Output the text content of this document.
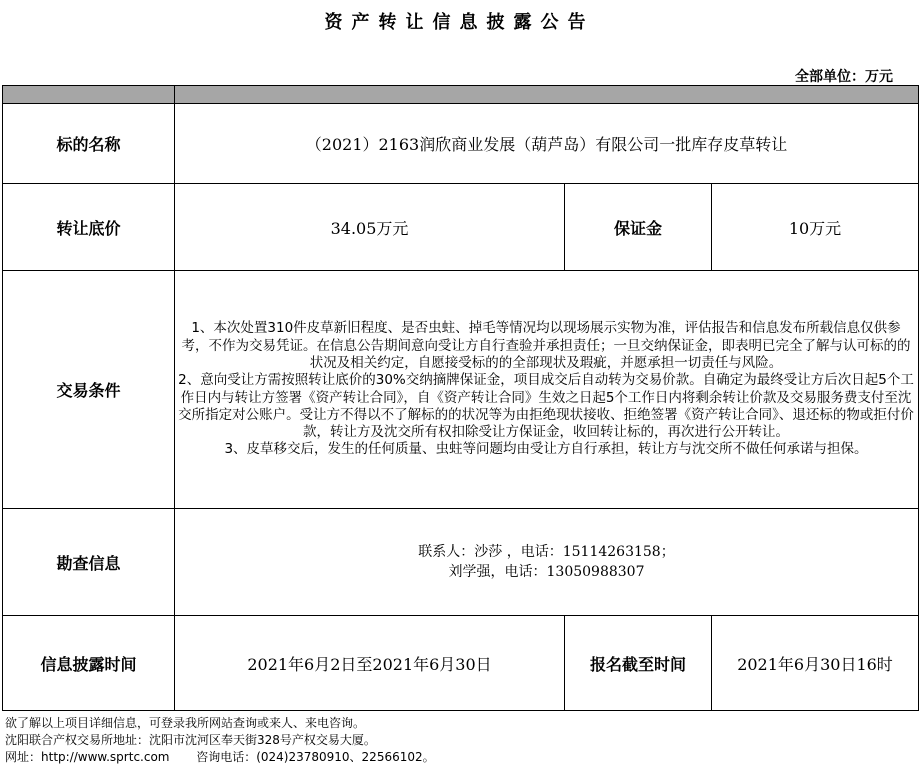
资产转让信息披露公告
全部单位：万元

标的名称	（2021）2163润欣商业发展（葫芦岛）有限公司一批库存皮草转让		
转让底价	34.05万元	保证金	10万元
交易条件	1、本次处置310件皮草新旧程度、是否虫蛀、掉毛等情况均以现场展示实物为准，评估报告和信息发布所载信息仅供参考，不作为交易凭证。在信息公告期间意向受让方自行查验并承担责任；一旦交纳保证金，即表明已完全了解与认可标的的状况及相关约定，自愿接受标的的全部现状及瑕疵，并愿承担一切责任与风险。
2、意向受让方需按照转让底价的30%交纳摘牌保证金，项目成交后自动转为交易价款。自确定为最终受让方后次日起5个工作日内与转让方签署《资产转让合同》，自《资产转让合同》生效之日起5个工作日内将剩余转让价款及交易服务费支付至沈交所指定对公账户。受让方不得以不了解标的的状况等为由拒绝现状接收、拒绝签署《资产转让合同》、退还标的物或拒付价款，转让方及沈交所有权扣除受让方保证金，收回转让标的，再次进行公开转让。
3、皮草移交后，发生的任何质量、虫蛀等问题均由受让方自行承担，转让方与沈交所不做任何承诺与担保。		

勘查信息	联系人：沙莎 ，电话：15114263158；
刘学强，电话：13050988307		

信息披露时间	2021年6月2日至2021年6月30日	报名截至时间	2021年6月30日16时
欲了解以上项目详细信息，可登录我所网站查询或来人、来电咨询。
沈阳联合产权交易所地址：沈阳市沈河区奉天街328号产权交易大厦。
网址：http://www.sprtc.com 咨询电话：(024)23780910、22566102。
